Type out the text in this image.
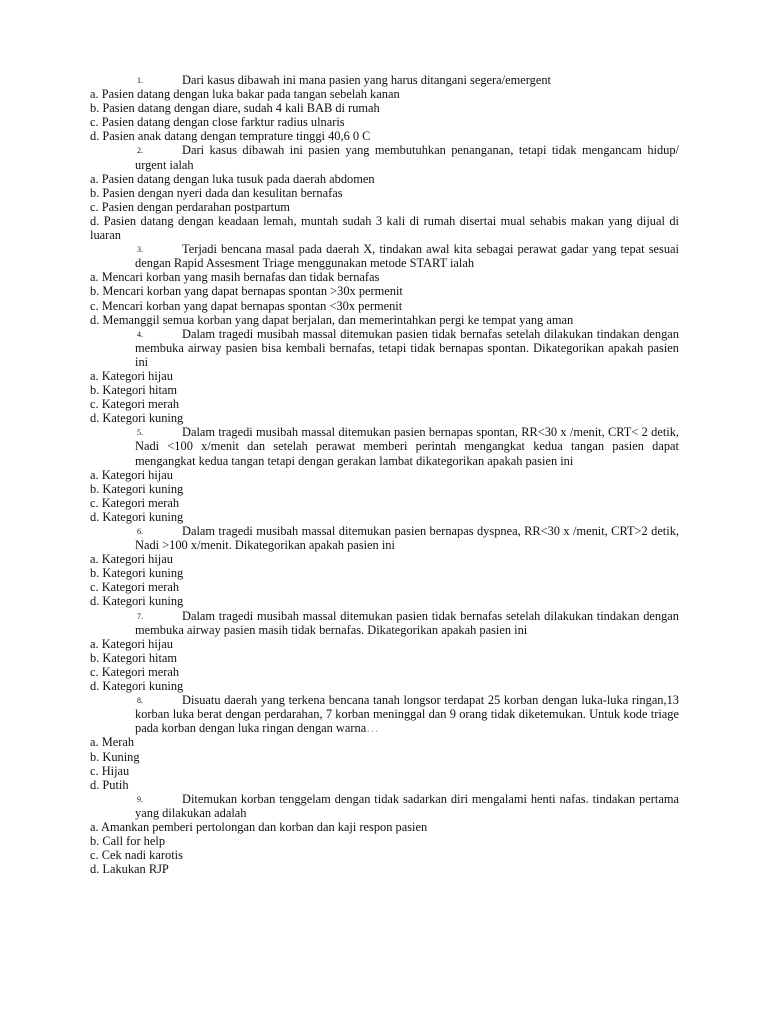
1.	Dari kasus dibawah ini mana pasien yang harus ditangani segera/emergent
a. Pasien datang dengan luka bakar pada tangan sebelah kanan
b. Pasien datang dengan diare, sudah 4 kali BAB di rumah
c. Pasien datang dengan close farktur radius ulnaris
d. Pasien anak datang dengan temprature tinggi 40,6 0 C
2.	Dari kasus dibawah ini pasien yang membutuhkan penanganan, tetapi tidak mengancam hidup/ urgent ialah
a. Pasien datang dengan luka tusuk pada daerah abdomen
b. Pasien dengan nyeri dada dan kesulitan bernafas
c. Pasien dengan perdarahan postpartum
d. Pasien datang dengan keadaan lemah, muntah sudah 3 kali di rumah disertai mual sehabis makan yang dijual di luaran
3.	Terjadi bencana masal pada daerah X, tindakan awal kita sebagai perawat gadar yang tepat sesuai dengan Rapid Assesment Triage menggunakan metode START ialah
a. Mencari korban yang masih bernafas dan tidak bernafas
b. Mencari korban yang dapat bernapas spontan >30x permenit
c. Mencari korban yang dapat bernapas spontan <30x permenit
d. Memanggil semua korban yang dapat berjalan, dan memerintahkan pergi ke tempat yang aman
4.	Dalam tragedi musibah massal ditemukan pasien tidak bernafas setelah dilakukan tindakan dengan membuka airway pasien bisa kembali bernafas, tetapi tidak bernapas spontan. Dikategorikan apakah pasien ini
a. Kategori hijau
b. Kategori hitam
c. Kategori merah
d. Kategori kuning
5.	Dalam tragedi musibah massal ditemukan pasien bernapas spontan, RR<30 x /menit, CRT< 2 detik, Nadi <100 x/menit dan setelah perawat memberi perintah mengangkat kedua tangan pasien dapat mengangkat kedua tangan tetapi dengan gerakan lambat dikategorikan apakah pasien ini
a. Kategori hijau
b. Kategori kuning
c. Kategori merah
d. Kategori kuning
6.	Dalam tragedi musibah massal ditemukan pasien bernapas dyspnea, RR<30 x /menit, CRT>2 detik, Nadi >100 x/menit. Dikategorikan apakah pasien ini
a. Kategori hijau
b. Kategori kuning
c. Kategori merah
d. Kategori kuning
7.	Dalam tragedi musibah massal ditemukan pasien tidak bernafas setelah dilakukan tindakan dengan membuka airway pasien masih tidak bernafas. Dikategorikan apakah pasien ini
a. Kategori hijau
b. Kategori hitam
c. Kategori merah
d. Kategori kuning
8.	Disuatu daerah yang terkena bencana tanah longsor terdapat 25 korban dengan luka-luka ringan,13 korban luka berat dengan perdarahan, 7 korban meninggal dan 9 orang tidak diketemukan. Untuk kode triage pada korban dengan luka ringan dengan warna…
a. Merah
b. Kuning
c. Hijau
d. Putih
9.	Ditemukan korban tenggelam dengan tidak sadarkan diri mengalami henti nafas. tindakan pertama yang dilakukan adalah
a. Amankan pemberi pertolongan dan korban dan kaji respon pasien
b. Call for help
c. Cek nadi karotis
d. Lakukan RJP
